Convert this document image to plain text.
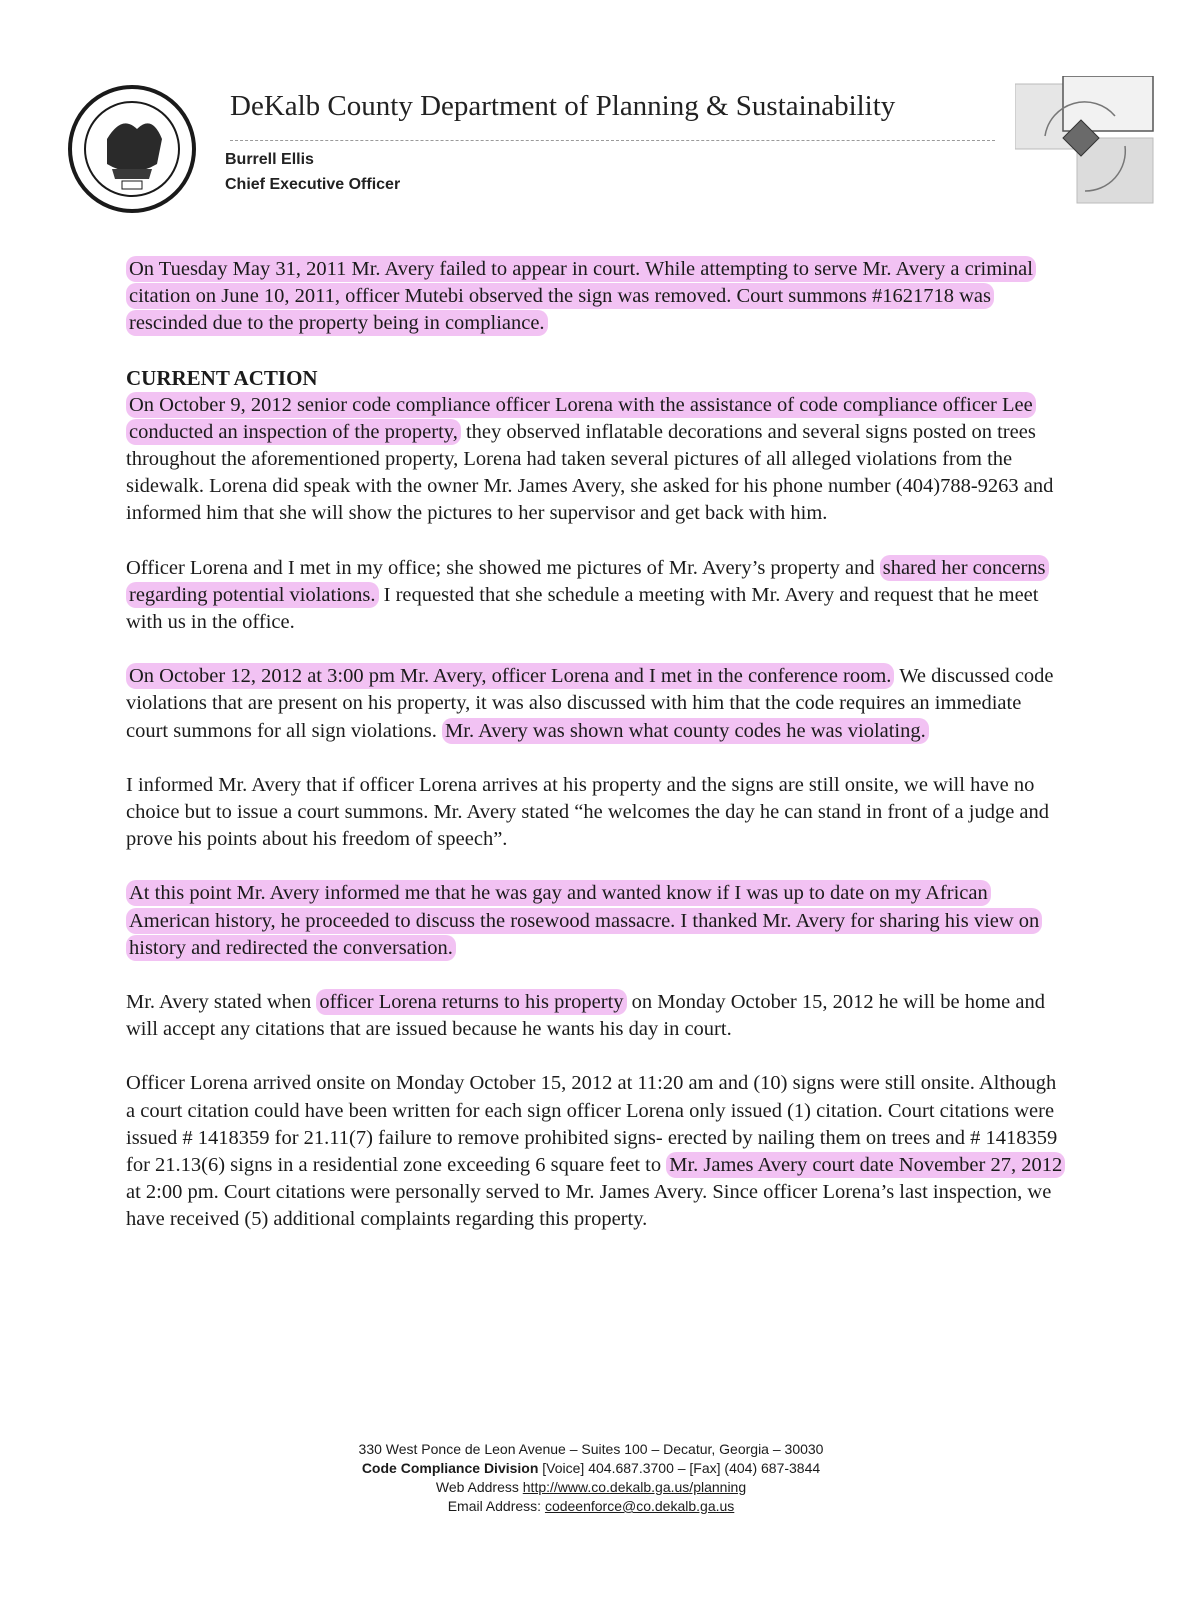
DeKalb County Department of Planning & Sustainability
Burrell Ellis
Chief Executive Officer

On Tuesday May 31, 2011 Mr. Avery failed to appear in court. While attempting to serve Mr. Avery a criminal citation on June 10, 2011, officer Mutebi observed the sign was removed. Court summons #1621718 was rescinded due to the property being in compliance.

CURRENT ACTION

On October 9, 2012 senior code compliance officer Lorena with the assistance of code compliance officer Lee conducted an inspection of the property, they observed inflatable decorations and several signs posted on trees throughout the aforementioned property, Lorena had taken several pictures of all alleged violations from the sidewalk. Lorena did speak with the owner Mr. James Avery, she asked for his phone number (404)788-9263 and informed him that she will show the pictures to her supervisor and get back with him.

Officer Lorena and I met in my office; she showed me pictures of Mr. Avery’s property and shared her concerns regarding potential violations. I requested that she schedule a meeting with Mr. Avery and request that he meet with us in the office.

On October 12, 2012 at 3:00 pm Mr. Avery, officer Lorena and I met in the conference room. We discussed code violations that are present on his property, it was also discussed with him that the code requires an immediate court summons for all sign violations. Mr. Avery was shown what county codes he was violating.

I informed Mr. Avery that if officer Lorena arrives at his property and the signs are still onsite, we will have no choice but to issue a court summons. Mr. Avery stated “he welcomes the day he can stand in front of a judge and prove his points about his freedom of speech”.

At this point Mr. Avery informed me that he was gay and wanted know if I was up to date on my African American history, he proceeded to discuss the rosewood massacre. I thanked Mr. Avery for sharing his view on history and redirected the conversation.

Mr. Avery stated when officer Lorena returns to his property on Monday October 15, 2012 he will be home and will accept any citations that are issued because he wants his day in court.

Officer Lorena arrived onsite on Monday October 15, 2012 at 11:20 am and (10) signs were still onsite. Although a court citation could have been written for each sign officer Lorena only issued (1) citation. Court citations were issued # 1418359 for 21.11(7) failure to remove prohibited signs- erected by nailing them on trees and # 1418359 for 21.13(6) signs in a residential zone exceeding 6 square feet to Mr. James Avery court date November 27, 2012 at 2:00 pm. Court citations were personally served to Mr. James Avery. Since officer Lorena’s last inspection, we have received (5) additional complaints regarding this property.

330 West Ponce de Leon Avenue – Suites 100 – Decatur, Georgia – 30030
Code Compliance Division [Voice] 404.687.3700 – [Fax] (404) 687-3844
Web Address http://www.co.dekalb.ga.us/planning
Email Address: codeenforce@co.dekalb.ga.us
